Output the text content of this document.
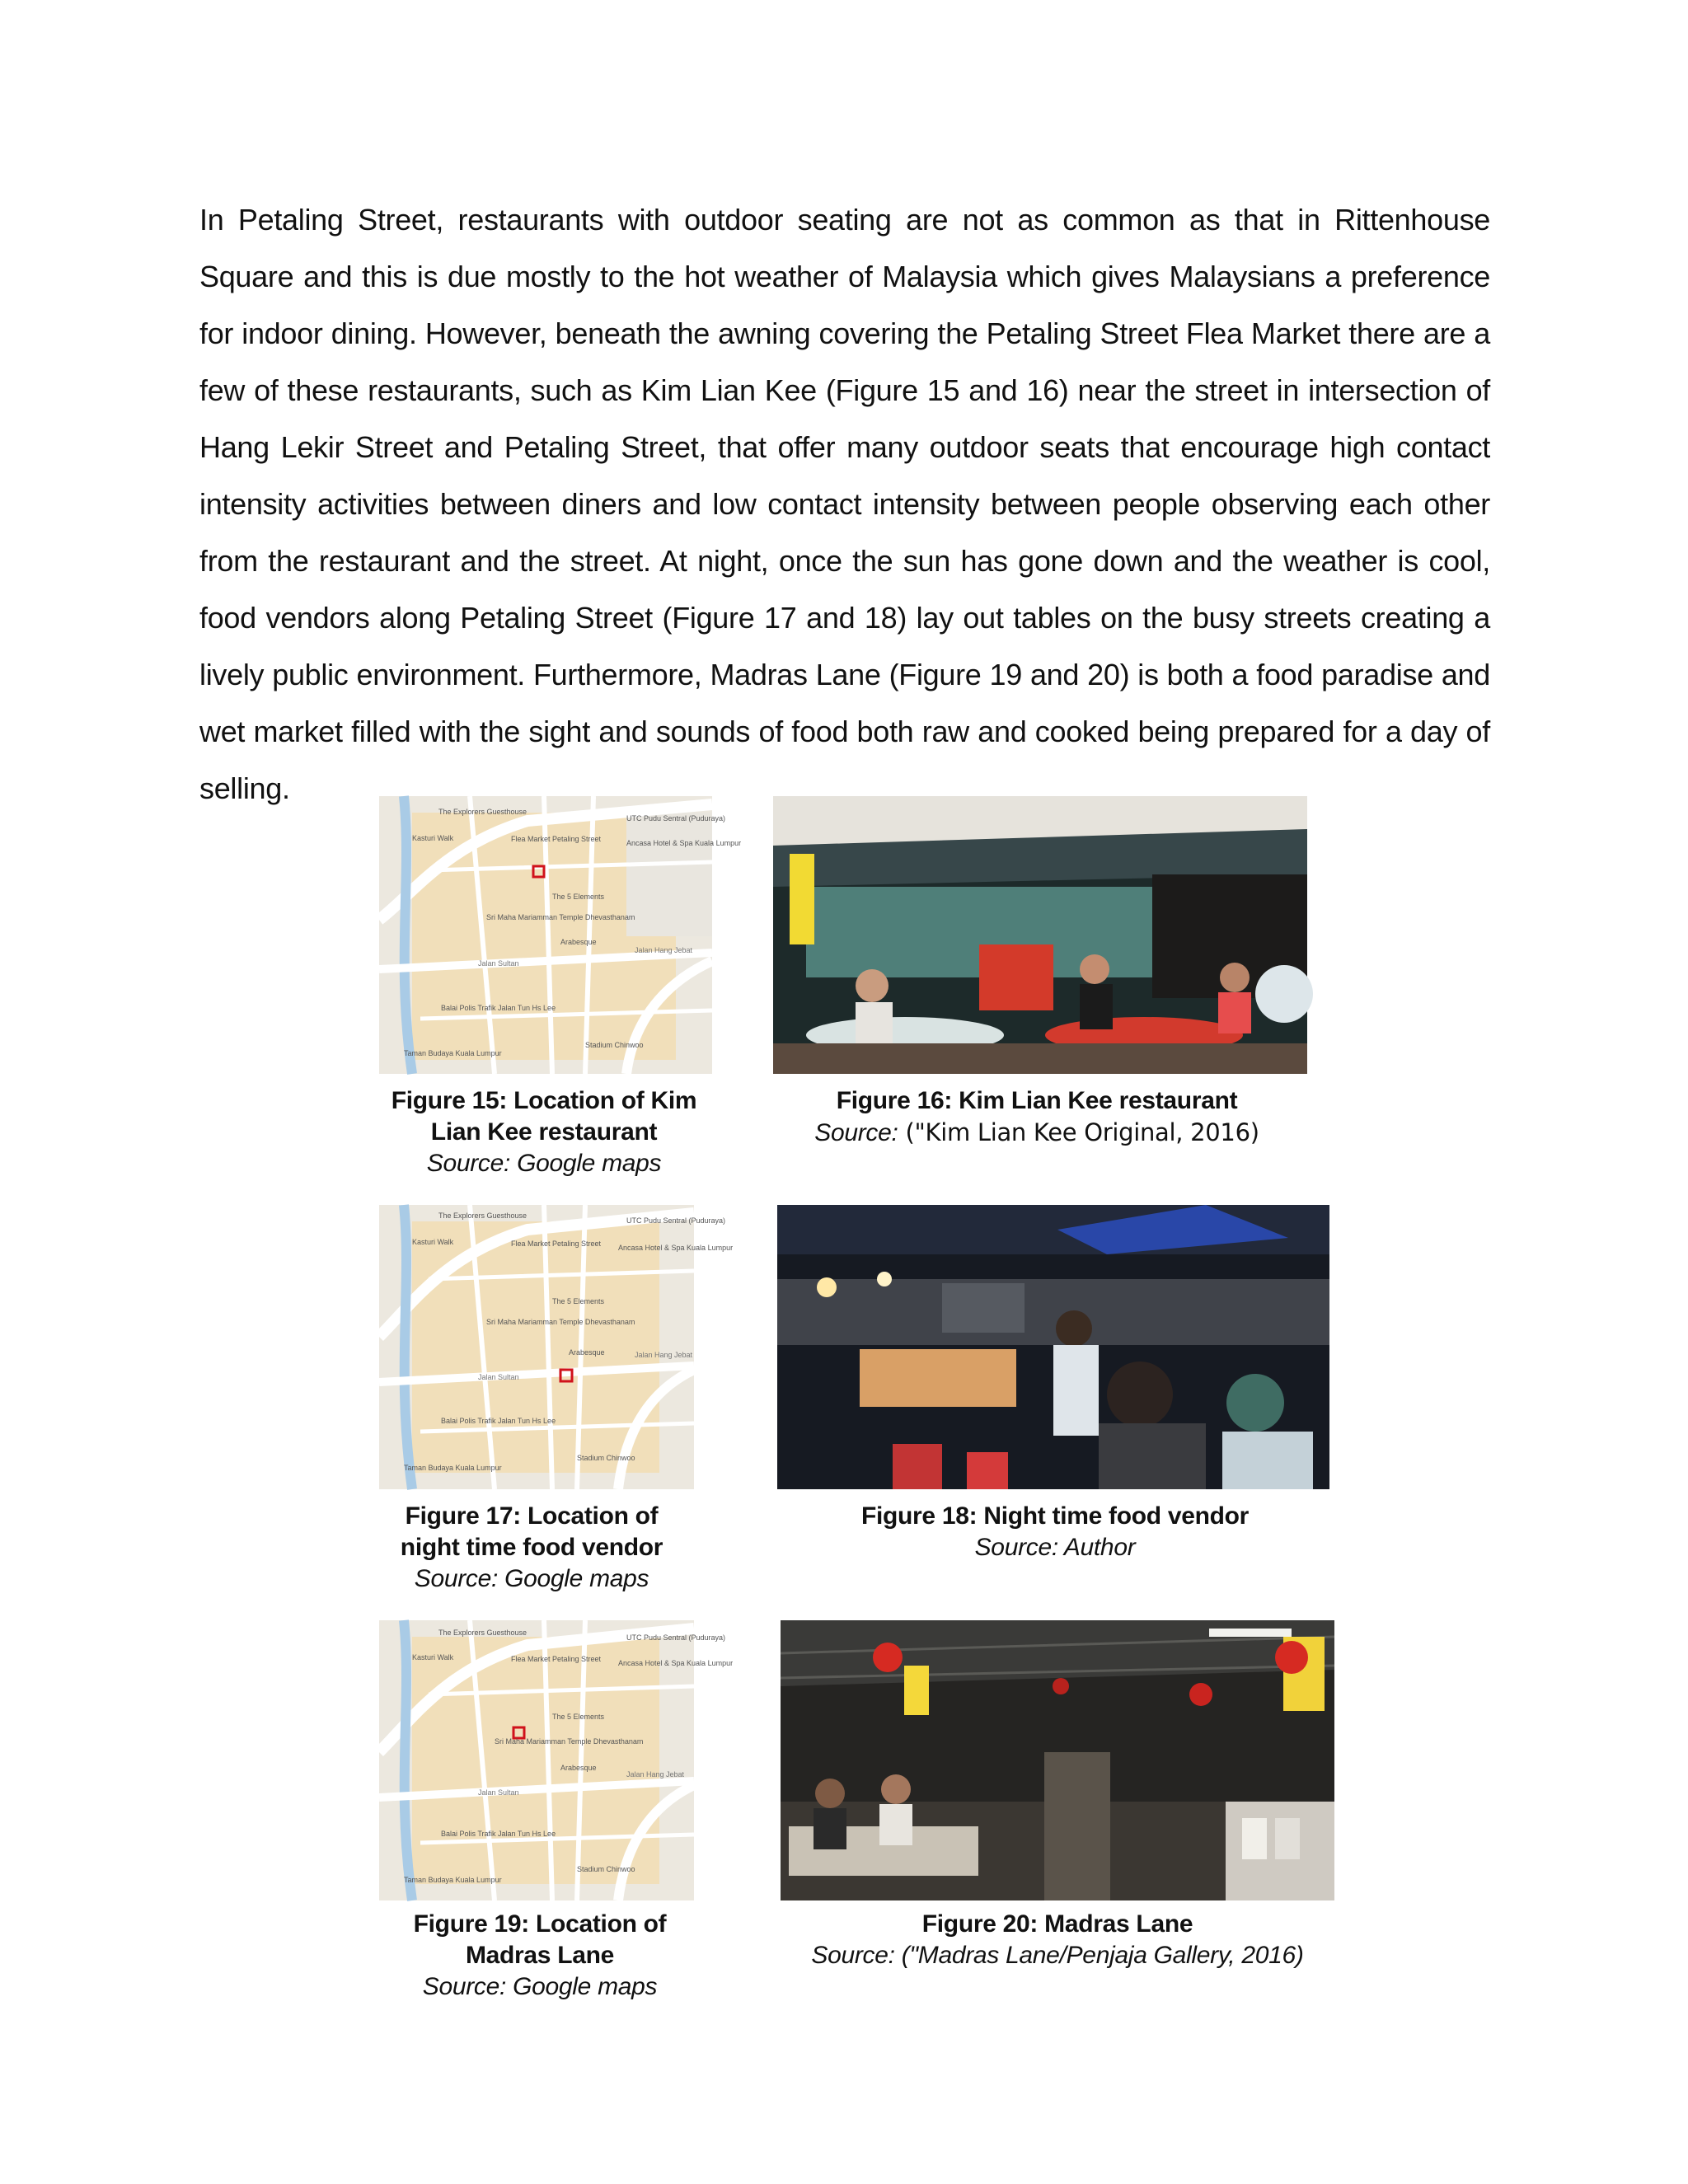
In Petaling Street, restaurants with outdoor seating are not as common as that in Rittenhouse Square and this is due mostly to the hot weather of Malaysia which gives Malaysians a preference for indoor dining. However, beneath the awning covering the Petaling Street Flea Market there are a few of these restaurants, such as Kim Lian Kee (Figure 15 and 16) near the street in intersection of Hang Lekir Street and Petaling Street, that offer many outdoor seats that encourage high contact intensity activities between diners and low contact intensity between people observing each other from the restaurant and the street. At night, once the sun has gone down and the weather is cool, food vendors along Petaling Street (Figure 17 and 18) lay out tables on the busy streets creating a lively public environment. Furthermore, Madras Lane (Figure 19 and 20) is both a food paradise and wet market filled with the sight and sounds of food both raw and cooked being prepared for a day of selling.
The Explorers Guesthouse
Kasturi Walk	Flea Market Petaling Street
UTC Pudu Sentral (Puduraya)
Ancasa Hotel & Spa Kuala Lumpur
The 5 Elements
Sri Maha Mariamman Temple Dhevasthanam
Arabesque
Jalan Hang Jebat
Jalan Sultan
Balai Polis Trafik Jalan Tun Hs Lee
Stadium Chinwoo
Taman Budaya Kuala Lumpur
Figure 15: Location of Kim
Lian Kee restaurant
Source: Google maps
Figure 16: Kim Lian Kee restaurant
Source: ("Kim Lian Kee Original, 2016)
The Explorers Guesthouse
Kasturi Walk	Flea Market Petaling Street
UTC Pudu Sentral (Puduraya)
Ancasa Hotel & Spa Kuala Lumpur
The 5 Elements
Sri Maha Mariamman Temple Dhevasthanam
Arabesque	Jalan Hang Jebat
Jalan Sultan
Balai Polis Trafik Jalan Tun Hs Lee
Stadium Chinwoo
Taman Budaya Kuala Lumpur
Figure 17: Location of
night time food vendor
Source: Google maps
Figure 18: Night time food vendor
Source: Author
The Explorers Guesthouse
Kasturi Walk	Flea Market Petaling Street
UTC Pudu Sentral (Puduraya)
Ancasa Hotel & Spa Kuala Lumpur
The 5 Elements
Sri Maha Mariamman Temple Dhevasthanam
Arabesque
Jalan Hang Jebat
Jalan Sultan
Balai Polis Trafik Jalan Tun Hs Lee
Stadium Chinwoo
Taman Budaya Kuala Lumpur
Figure 19: Location of
Madras Lane
Source: Google maps
Figure 20: Madras Lane
Source: ("Madras Lane/Penjaja Gallery, 2016)
